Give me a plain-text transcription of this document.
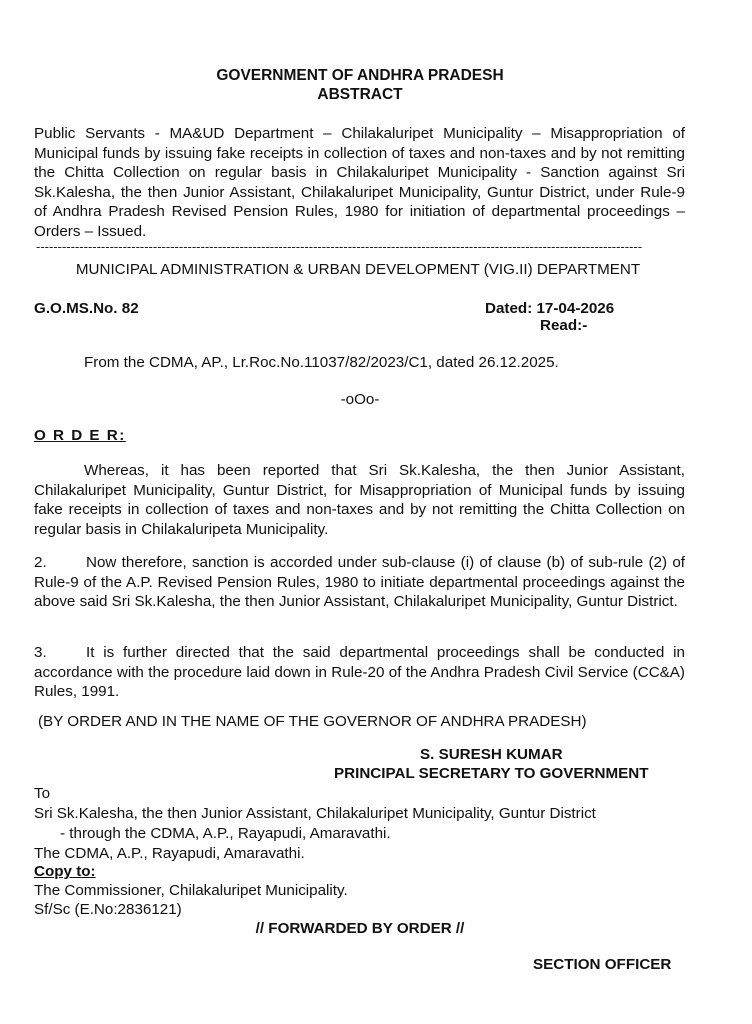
GOVERNMENT OF ANDHRA PRADESH
ABSTRACT
Public Servants - MA&UD Department – Chilakaluripet Municipality – Misappropriation of Municipal funds by issuing fake receipts in collection of taxes and non-taxes and by not remitting the Chitta Collection on regular basis in Chilakaluripet Municipality - Sanction against Sri Sk.Kalesha, the then Junior Assistant, Chilakaluripet Municipality, Guntur District, under Rule-9 of Andhra Pradesh Revised Pension Rules, 1980 for initiation of departmental proceedings – Orders – Issued.
--------------------------------------------------------------------------------------------------------------------------------------------
MUNICIPAL ADMINISTRATION & URBAN DEVELOPMENT (VIG.II) DEPARTMENT
G.O.MS.No. 82	Dated: 17-04-2026
Read:-
From the CDMA, AP., Lr.Roc.No.11037/82/2023/C1, dated 26.12.2025.
-oOo-
O R D E R:
Whereas, it has been reported that Sri Sk.Kalesha, the then Junior Assistant, Chilakaluripet Municipality, Guntur District, for Misappropriation of Municipal funds by issuing fake receipts in collection of taxes and non-taxes and by not remitting the Chitta Collection on regular basis in Chilakaluripeta Municipality.
2.	Now therefore, sanction is accorded under sub-clause (i) of clause (b) of sub-rule (2) of Rule-9 of the A.P. Revised Pension Rules, 1980 to initiate departmental proceedings against the above said Sri Sk.Kalesha, the then Junior Assistant, Chilakaluripet Municipality, Guntur District.
3.	It is further directed that the said departmental proceedings shall be conducted in accordance with the procedure laid down in Rule-20 of the Andhra Pradesh Civil Service (CC&A) Rules, 1991.
(BY ORDER AND IN THE NAME OF THE GOVERNOR OF ANDHRA PRADESH)
S. SURESH KUMAR
PRINCIPAL SECRETARY TO GOVERNMENT
To
Sri Sk.Kalesha, the then Junior Assistant, Chilakaluripet Municipality, Guntur District
- through the CDMA, A.P., Rayapudi, Amaravathi.
The CDMA, A.P., Rayapudi, Amaravathi.
Copy to:
The Commissioner, Chilakaluripet Municipality.
Sf/Sc (E.No:2836121)
// FORWARDED BY ORDER //
SECTION OFFICER
